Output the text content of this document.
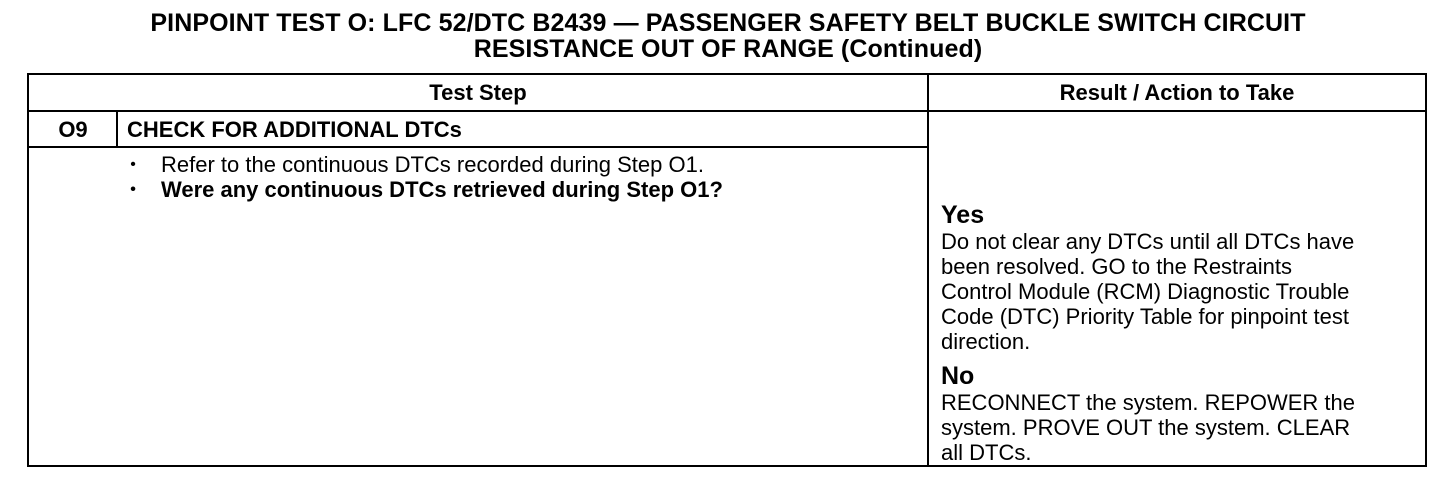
PINPOINT TEST O: LFC 52/DTC B2439 — PASSENGER SAFETY BELT BUCKLE SWITCH CIRCUIT
RESISTANCE OUT OF RANGE (Continued)
Test Step	Result / Action to Take
O9	CHECK FOR ADDITIONAL DTCs
• Refer to the continuous DTCs recorded during Step O1.
• Were any continuous DTCs retrieved during Step O1?
Yes
Do not clear any DTCs until all DTCs have
been resolved. GO to the Restraints
Control Module (RCM) Diagnostic Trouble
Code (DTC) Priority Table for pinpoint test
direction.
No
RECONNECT the system. REPOWER the
system. PROVE OUT the system. CLEAR
all DTCs.
